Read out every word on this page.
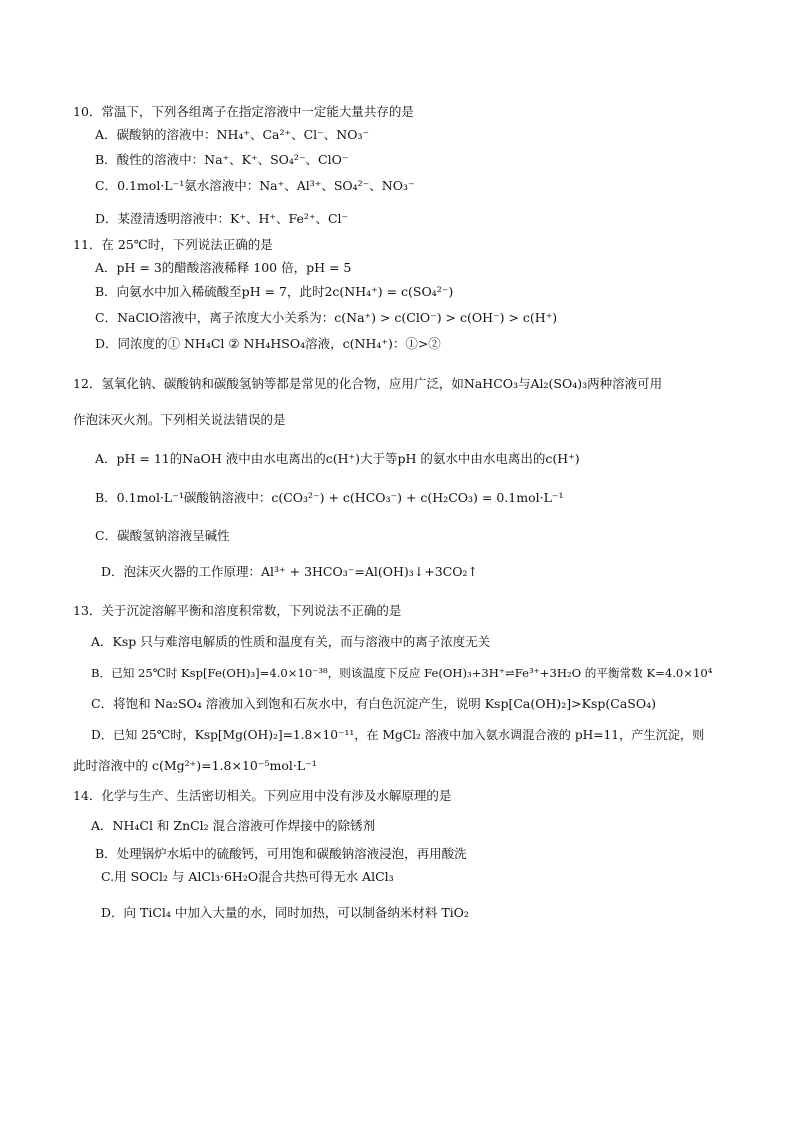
10．常温下，下列各组离子在指定溶液中一定能大量共存的是
A．碳酸钠的溶液中：NH₄⁺、Ca²⁺、Cl⁻、NO₃⁻
B．酸性的溶液中：Na⁺、K⁺、SO₄²⁻、ClO⁻
C．0.1mol·L⁻¹氨水溶液中：Na⁺、Al³⁺、SO₄²⁻、NO₃⁻
D．某澄清透明溶液中：K⁺、H⁺、Fe²⁺、Cl⁻
11．在 25℃时，下列说法正确的是
A．pH = 3的醋酸溶液稀释 100 倍，pH = 5
B．向氨水中加入稀硫酸至pH = 7，此时2c(NH₄⁺) = c(SO₄²⁻)
C．NaClO溶液中，离子浓度大小关系为：c(Na⁺) > c(ClO⁻) > c(OH⁻) > c(H⁺)
D．同浓度的① NH₄Cl ② NH₄HSO₄溶液，c(NH₄⁺)：①>②
12．氢氧化钠、碳酸钠和碳酸氢钠等都是常见的化合物，应用广泛，如NaHCO₃与Al₂(SO₄)₃两种溶液可用
作泡沫灭火剂。下列相关说法错误的是
A．pH = 11的NaOH 液中由水电离出的c(H⁺)大于等pH 的氨水中由水电离出的c(H⁺)
B．0.1mol·L⁻¹碳酸钠溶液中：c(CO₃²⁻) + c(HCO₃⁻) + c(H₂CO₃) = 0.1mol·L⁻¹
C．碳酸氢钠溶液呈碱性
D．泡沫灭火器的工作原理：Al³⁺ + 3HCO₃⁻=Al(OH)₃↓+3CO₂↑
13．关于沉淀溶解平衡和溶度积常数，下列说法不正确的是
A．Ksp 只与难溶电解质的性质和温度有关，而与溶液中的离子浓度无关
B．已知 25℃时 Ksp[Fe(OH)₃]=4.0×10⁻³⁸，则该温度下反应 Fe(OH)₃+3H⁺⇌Fe³⁺+3H₂O 的平衡常数 K=4.0×10⁴
C．将饱和 Na₂SO₄ 溶液加入到饱和石灰水中，有白色沉淀产生，说明 Ksp[Ca(OH)₂]>Ksp(CaSO₄)
D．已知 25℃时，Ksp[Mg(OH)₂]=1.8×10⁻¹¹，在 MgCl₂ 溶液中加入氨水调混合液的 pH=11，产生沉淀，则
此时溶液中的 c(Mg²⁺)=1.8×10⁻⁵mol·L⁻¹
14．化学与生产、生活密切相关。下列应用中没有涉及水解原理的是
A．NH₄Cl 和 ZnCl₂ 混合溶液可作焊接中的除锈剂
B．处理锅炉水垢中的硫酸钙，可用饱和碳酸钠溶液浸泡，再用酸洗
C.用 SOCl₂ 与 AlCl₃·6H₂O混合共热可得无水 AlCl₃
D．向 TiCl₄ 中加入大量的水，同时加热，可以制备纳米材料 TiO₂
